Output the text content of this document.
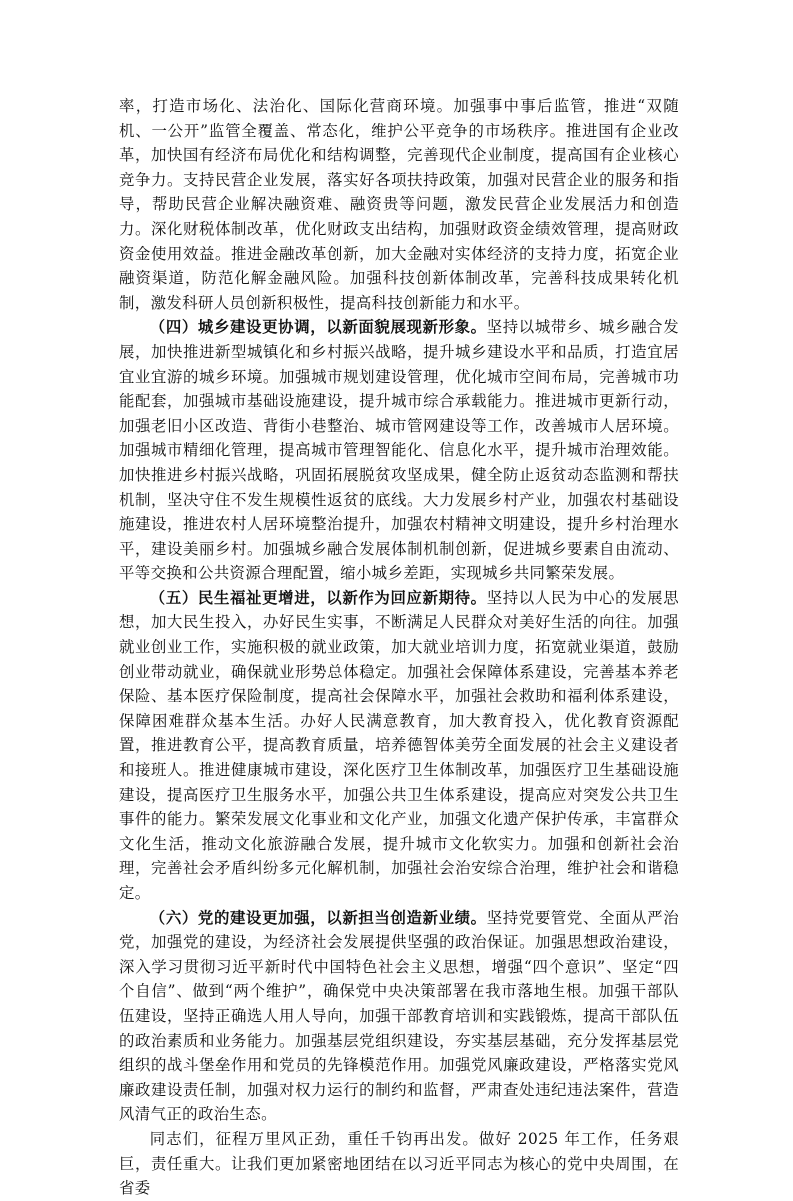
率，打造市场化、法治化、国际化营商环境。加强事中事后监管，推进“双随机、一公开”监管全覆盖、常态化，维护公平竞争的市场秩序。推进国有企业改革，加快国有经济布局优化和结构调整，完善现代企业制度，提高国有企业核心竞争力。支持民营企业发展，落实好各项扶持政策，加强对民营企业的服务和指导，帮助民营企业解决融资难、融资贵等问题，激发民营企业发展活力和创造力。深化财税体制改革，优化财政支出结构，加强财政资金绩效管理，提高财政资金使用效益。推进金融改革创新，加大金融对实体经济的支持力度，拓宽企业融资渠道，防范化解金融风险。加强科技创新体制改革，完善科技成果转化机制，激发科研人员创新积极性，提高科技创新能力和水平。

（四）城乡建设更协调，以新面貌展现新形象。坚持以城带乡、城乡融合发展，加快推进新型城镇化和乡村振兴战略，提升城乡建设水平和品质，打造宜居宜业宜游的城乡环境。加强城市规划建设管理，优化城市空间布局，完善城市功能配套，加强城市基础设施建设，提升城市综合承载能力。推进城市更新行动，加强老旧小区改造、背街小巷整治、城市管网建设等工作，改善城市人居环境。加强城市精细化管理，提高城市管理智能化、信息化水平，提升城市治理效能。加快推进乡村振兴战略，巩固拓展脱贫攻坚成果，健全防止返贫动态监测和帮扶机制，坚决守住不发生规模性返贫的底线。大力发展乡村产业，加强农村基础设施建设，推进农村人居环境整治提升，加强农村精神文明建设，提升乡村治理水平，建设美丽乡村。加强城乡融合发展体制机制创新，促进城乡要素自由流动、平等交换和公共资源合理配置，缩小城乡差距，实现城乡共同繁荣发展。

（五）民生福祉更增进，以新作为回应新期待。坚持以人民为中心的发展思想，加大民生投入，办好民生实事，不断满足人民群众对美好生活的向往。加强就业创业工作，实施积极的就业政策，加大就业培训力度，拓宽就业渠道，鼓励创业带动就业，确保就业形势总体稳定。加强社会保障体系建设，完善基本养老保险、基本医疗保险制度，提高社会保障水平，加强社会救助和福利体系建设，保障困难群众基本生活。办好人民满意教育，加大教育投入，优化教育资源配置，推进教育公平，提高教育质量，培养德智体美劳全面发展的社会主义建设者和接班人。推进健康城市建设，深化医疗卫生体制改革，加强医疗卫生基础设施建设，提高医疗卫生服务水平，加强公共卫生体系建设，提高应对突发公共卫生事件的能力。繁荣发展文化事业和文化产业，加强文化遗产保护传承，丰富群众文化生活，推动文化旅游融合发展，提升城市文化软实力。加强和创新社会治理，完善社会矛盾纠纷多元化解机制，加强社会治安综合治理，维护社会和谐稳定。

（六）党的建设更加强，以新担当创造新业绩。坚持党要管党、全面从严治党，加强党的建设，为经济社会发展提供坚强的政治保证。加强思想政治建设，深入学习贯彻习近平新时代中国特色社会主义思想，增强“四个意识”、坚定“四个自信”、做到“两个维护”，确保党中央决策部署在我市落地生根。加强干部队伍建设，坚持正确选人用人导向，加强干部教育培训和实践锻炼，提高干部队伍的政治素质和业务能力。加强基层党组织建设，夯实基层基础，充分发挥基层党组织的战斗堡垒作用和党员的先锋模范作用。加强党风廉政建设，严格落实党风廉政建设责任制，加强对权力运行的制约和监督，严肃查处违纪违法案件，营造风清气正的政治生态。

同志们，征程万里风正劲，重任千钧再出发。做好 2025 年工作，任务艰巨，责任重大。让我们更加紧密地团结在以习近平同志为核心的党中央周围，在省委
